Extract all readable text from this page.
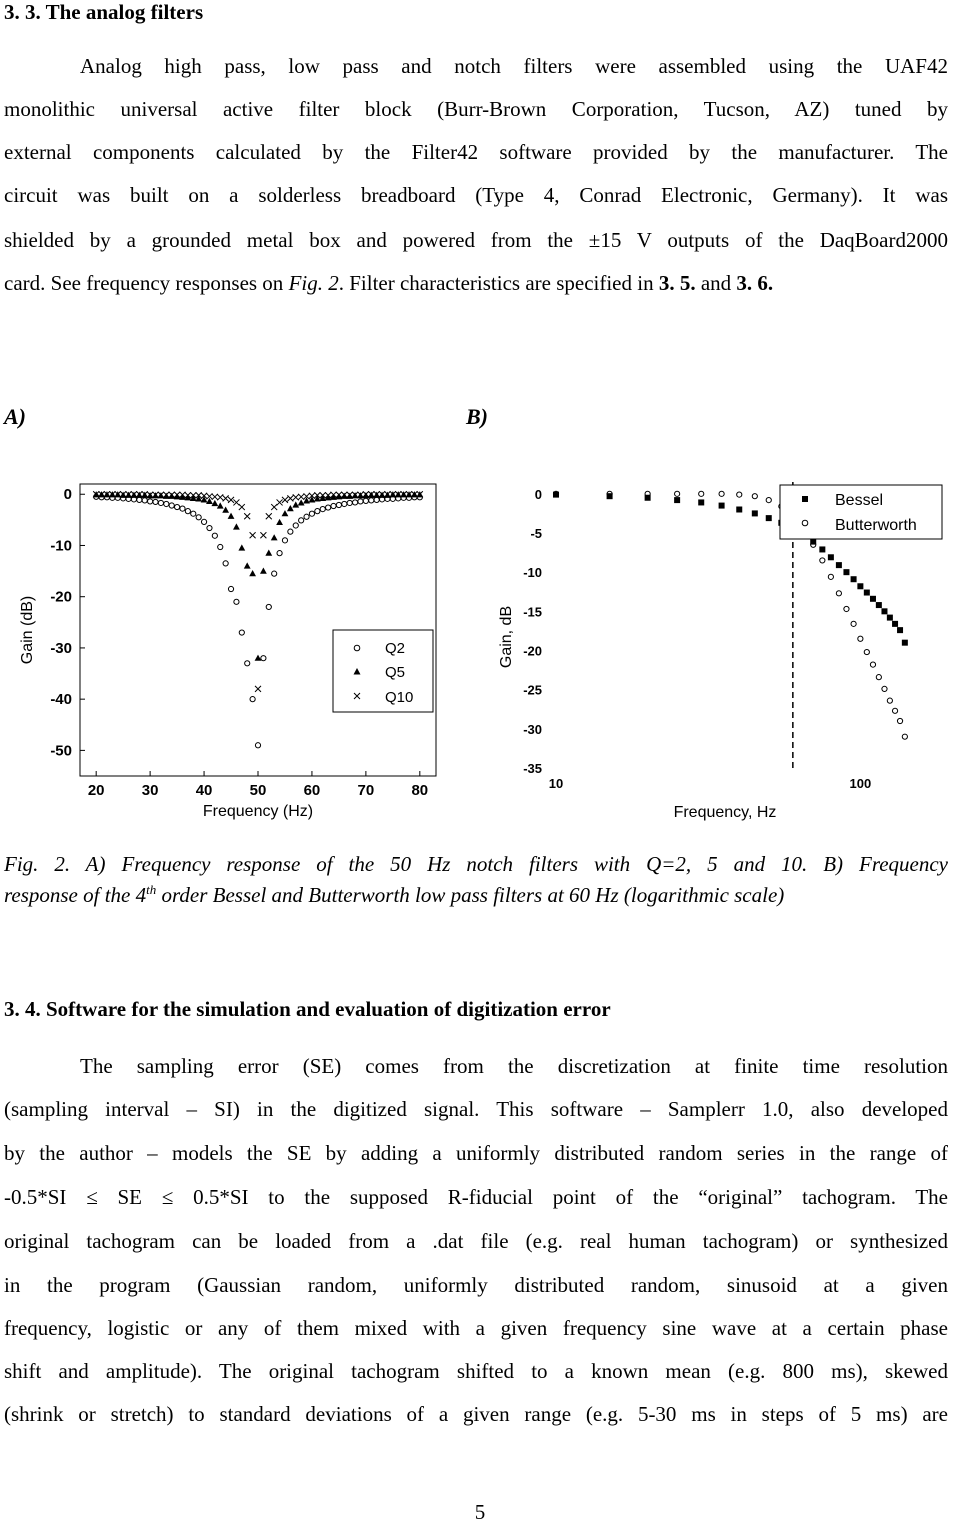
3. 3. The analog filters
Analog high pass, low pass and notch filters were assembled using the UAF42
monolithic universal active filter block (Burr-Brown Corporation, Tucson, AZ) tuned by
external components calculated by the Filter42 software provided by the manufacturer. The
circuit was built on a solderless breadboard (Type 4, Conrad Electronic, Germany). It was
shielded by a grounded metal box and powered from the ±15 V outputs of the DaqBoard2000
card. See frequency responses on Fig. 2. Filter characteristics are specified in 3. 5. and 3. 6.
A)	B)
20 30 40 50 60 70 80
0
-10
-20
-30
-40
-50
Q2
Q5
Q10
Frequency (Hz)
Gain (dB)
10	100
0
-5
-10
-15
-20
-25
-30
-35
Bessel
Butterworth
Frequency, Hz
Gain, dB
Fig. 2. A) Frequency response of the 50 Hz notch filters with Q=2, 5 and 10. B) Frequency
response of the 4th order Bessel and Butterworth low pass filters at 60 Hz (logarithmic scale)
3. 4. Software for the simulation and evaluation of digitization error
The sampling error (SE) comes from the discretization at finite time resolution
(sampling interval – SI) in the digitized signal. This software – Samplerr 1.0, also developed
by the author – models the SE by adding a uniformly distributed random series in the range of
-0.5*SI ≤ SE ≤ 0.5*SI to the supposed R-fiducial point of the “original” tachogram. The
original tachogram can be loaded from a .dat file (e.g. real human tachogram) or synthesized
in the program (Gaussian random, uniformly distributed random, sinusoid at a given
frequency, logistic or any of them mixed with a given frequency sine wave at a certain phase
shift and amplitude). The original tachogram shifted to a known mean (e.g. 800 ms), skewed
(shrink or stretch) to standard deviations of a given range (e.g. 5-30 ms in steps of 5 ms) are
5
